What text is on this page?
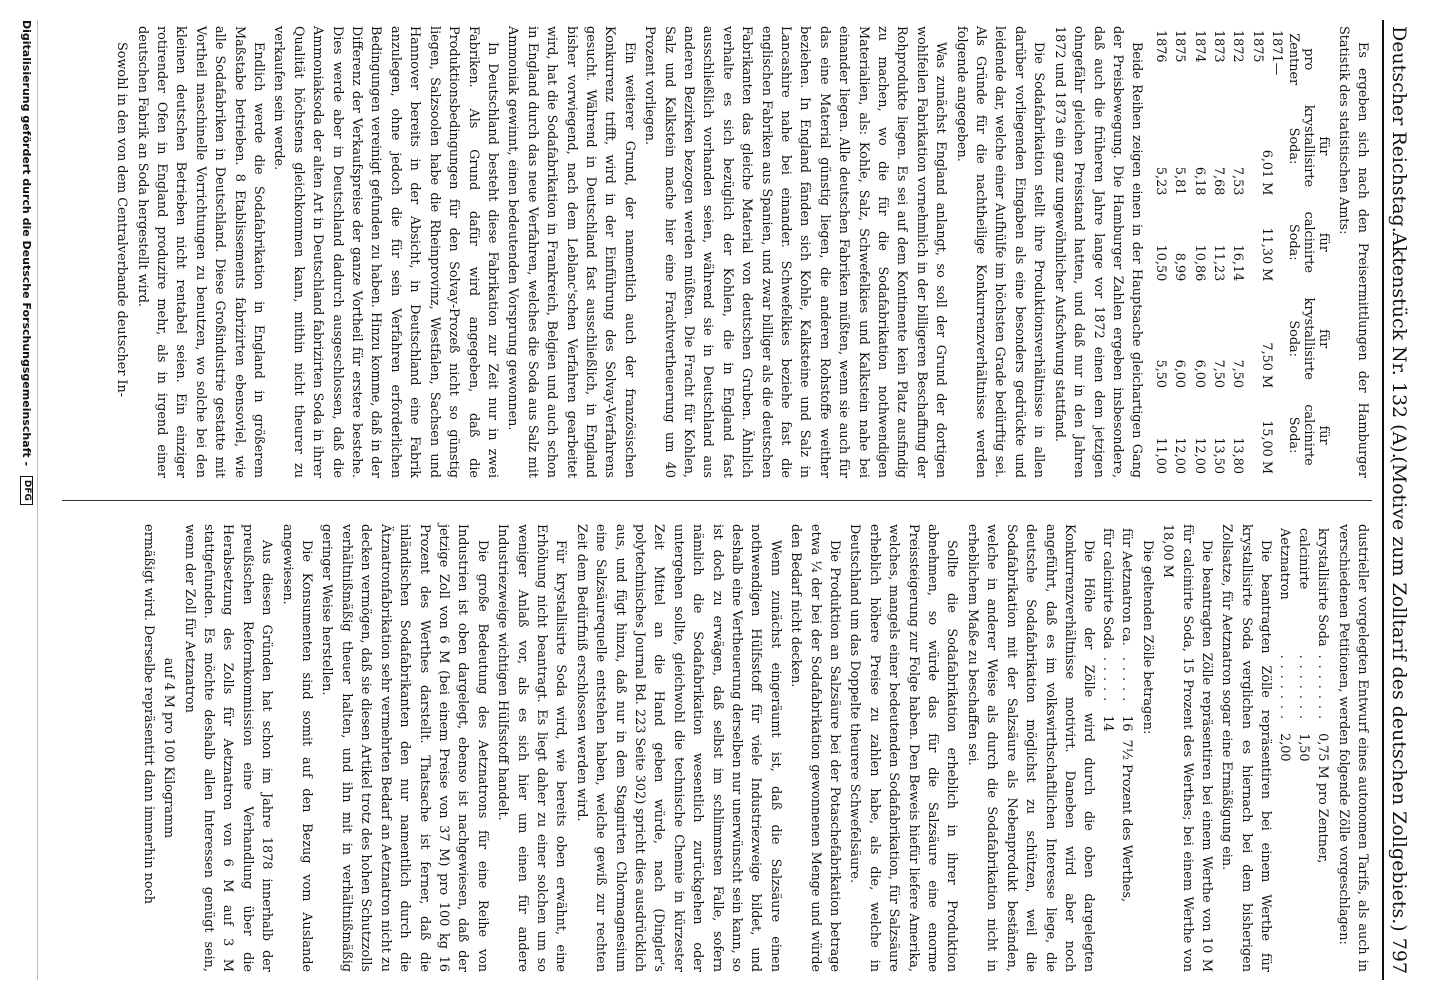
Deutscher Reichstag.
Aktenstück Nr. 132 (A).
(Motive zum Zolltarif des deutschen Zollgebiets.) 797

Es ergeben sich nach den Preisermittlungen der Hamburger Statistik des statistischen Amts:

pro Zentner	für krystallisirte Soda:	für calcinirte Soda:	für krystallisirte Soda:	für calcinirte Soda:
1871—1875	6,01 M	11,30 M	7,50 M	15,00 M
1872	7,53	16,14	7,50	13,80
1873	7,68	11,23	7,50	13,50
1874	6,18	10,86	6,00	12,00
1875	5,81	8,99	6,00	12,00
1876	5,23	10,50	5,50	11,00

Beide Reihen zeigen einen in der Hauptsache gleichartigen Gang der Preisbewegung. Die Hamburger Zahlen ergeben insbesondere, daß auch die früheren Jahre lange vor 1872 einen dem jetzigen ohngefähr gleichen Preisstand hatten, und daß nur in den Jahren 1872 und 1873 ein ganz ungewöhnlicher Aufschwung stattfand.

Die Sodafabrikation stellt ihre Produktionsverhältnisse in allen darüber vorliegenden Eingaben als eine besonders gedrückte und leidende dar, welche einer Aufhülfe im höchsten Grade bedürftig sei. Als Gründe für die nachtheilige Konkurrenzverhältnisse werden folgende angegeben.

Was zunächst England anlangt, so soll der Grund der dortigen wohlfeilen Fabrikation vornehmlich in der billigeren Beschaffung der Rohprodukte liegen. Es sei auf dem Kontinente kein Platz ausfindig zu machen, wo die für die Sodafabrikation nothwendigen Materialien, als: Kohle, Salz, Schwefelkies und Kalkstein nahe bei einander liegen. Alle deutschen Fabriken müßten, wenn sie auch für das eine Material günstig liegen, die anderen Rohstoffe weither beziehen. In England fänden sich Kohle, Kalksteine und Salz in Lancashire nahe bei einander. Schwefelkies beziehe fast die englischen Fabriken aus Spanien, und zwar billiger als die deutschen Fabrikanten das gleiche Material von deutschen Gruben. Ähnlich verhalte es sich bezüglich der Kohlen, die in England fast ausschließlich vorhanden seien, während sie in Deutschland aus anderen Bezirken bezogen werden müßten. Die Fracht für Kohlen, Salz und Kalkstein mache hier eine Frachtvertheuerung um 40 Prozent vorliegen.

Ein weiterer Grund, der namentlich auch der französischen Konkurrenz trifft, wird in der Einführung des Solvay-Verfahrens gesucht. Während in Deutschland fast ausschließlich, in England bisher vorwiegend, nach dem Leblanc'schen Verfahren gearbeitet wird, hat die Sodafabrikation in Frankreich, Belgien und auch schon in England durch das neue Verfahren, welches die Soda aus Salz mit Ammoniak gewinnt, einen bedeutenden Vorsprung gewonnen.

In Deutschland besteht diese Fabrikation zur Zeit nur in zwei Fabriken. Als Grund dafür wird angegeben, daß die Produktionsbedingungen für den Solvay-Prozeß nicht so günstig liegen, Salzsoolen habe die Rheinprovinz, Westfalen, Sachsen und Hannover bereits in der Absicht, in Deutschland eine Fabrik anzulegen, ohne jedoch die für sein Verfahren erforderlichen Bedingungen vereinigt gefunden zu haben. Hinzu komme, daß in der Differenz der Verkaufspreise der ganze Vortheil für erstere bestehe. Dies werde aber in Deutschland dadurch ausgeschlossen, daß die Ammoniaksoda der alten Art in Deutschland fabrizirten Soda in ihrer Qualität höchstens gleichkommen kann, mithin nicht theurer zu verkaufen sein werde.

Endlich werde die Sodafabrikation in England in größerem Maßstabe betrieben. 8 Etablissements fabrizirten ebensoviel, wie alle Sodafabriken in Deutschland. Diese Großindustrie gestatte mit Vortheil maschinelle Vorrichtungen zu benutzen, wo solche bei den kleinen deutschen Betrieben nicht rentabel seien. Ein einziger rotirender Ofen in England produzire mehr, als in irgend einer deutschen Fabrik an Soda hergestellt wird.

Sowohl in den von dem Centralverbande deutscher In-

dustrieller vorgelegten Entwurf eines autonomen Tarifs, als auch in verschiedenen Petitionen, werden folgende Zölle vorgeschlagen:

krystallisirte Soda	.......	0,75 M pro Zentner,
calcinirte	.......	1,50
Aetznatron	.......	2,00

Die beantragten Zölle repräsentiren bei einem Werthe für krystallisirte Soda verglichen es hiernach bei dem bisherigen Zollsatze, für Aetznatron sogar eine Ermäßigung ein.

Die beantragten Zölle repräsentiren bei einem Werthe von 10 M für calcinirte Soda, 15 Prozent des Werthes; bei einem Werthe von 18,00 M

Die geltenden Zölle betragen:

für Aetznatron ca.	.....	16	7½ Prozent des Werthes,
für calcinirte Soda	.....	14	

Die Höhe der Zölle wird durch die oben dargelegten Konkurrenzverhältnisse motivirt. Daneben wird aber noch angeführt, daß es im volkswirthschaftlichen Interesse liege, die deutsche Sodafabrikation möglichst zu schützen, weil die Sodafabrikation mit der Salzsäure als Nebenprodukt beständen, welche in anderer Weise als durch die Sodafabrikation nicht in erheblichem Maße zu beschaffen sei.

Sollte die Sodafabrikation erheblich in ihrer Produktion abnehmen, so würde das für die Salzsäure eine enorme Preissteigerung zur Folge haben. Den Beweis hiefür liefere Amerika, welches, mangels einer bedeutenden Sodafabrikation, für Salzsäure erheblich höhere Preise zu zahlen habe, als die, welche in Deutschland um das Doppelte theurere Schwefelsäure.

Die Produktion an Salzsäure bei der Potaschefabrikation betrage etwa ¼ der bei der Sodafabrikation gewonnenen Menge und würde den Bedarf nicht decken.

Wenn zunächst eingeräumt ist, daß die Salzsäure einen nothwendigen Hülfsstoff für viele Industriezweige bildet, und deshalb eine Vertheuerung derselben nur unerwünscht sein kann, so ist doch zu erwägen, daß selbst im schlimmsten Falle, sofern nämlich die Sodafabrikation wesentlich zurückgehen oder untergehen sollte, gleichwohl die technische Chemie in kürzester Zeit Mittel an die Hand geben würde, nach (Dingler's polytechnisches Journal Bd. 223 Seite 302) spricht dies ausdrücklich aus, und fügt hinzu, daß nur in dem Stagnirten Chlormagnesium eine Salzsäurequelle entstehen haben, welche gewiß zur rechten Zeit dem Bedürfniß erschlossen werden wird.

Für krystallisirte Soda wird, wie bereits oben erwähnt, eine Erhöhung nicht beantragt. Es liegt daher zu einer solchen um so weniger Anlaß vor, als es sich hier um einen für andere Industriezweige wichtigen Hülfsstoff handelt.

Die große Bedeutung des Aetznatrons für eine Reihe von Industrien ist oben dargelegt, ebenso ist nachgewiesen, daß der jetzige Zoll von 6 M (bei einem Preise von 37 M) pro 100 kg 16 Prozent des Werthes darstellt. Thatsache ist ferner, daß die inländischen Sodafabrikanten den nur namentlich durch die Ätznatronfabrikation sehr vermehrten Bedarf an Aetznatron nicht zu decken vermögen, daß sie diesen Artikel trotz des hohen Schutzzolls verhältnißmäßig theuer halten, und ihn mit in verhältnißmäßig geringer Weise herstellen.

Die Konsumenten sind somit auf den Bezug vom Auslande angewiesen.

Aus diesen Gründen hat schon im Jahre 1878 innerhalb der preußischen Reformkommission eine Verhandlung über die Herabsetzung des Zolls für Aetznatron von 6 M auf 3 M stattgefunden. Es möchte deshalb allen Interessen genügt sein, wenn der Zoll für Aetznatron

auf 4 M pro 100 Kilogramm

ermäßigt wird. Derselbe repräsentirt dann immerhin noch

Digitalisierung gefördert durch die Deutsche Forschungsgemeinschaft - DFG
